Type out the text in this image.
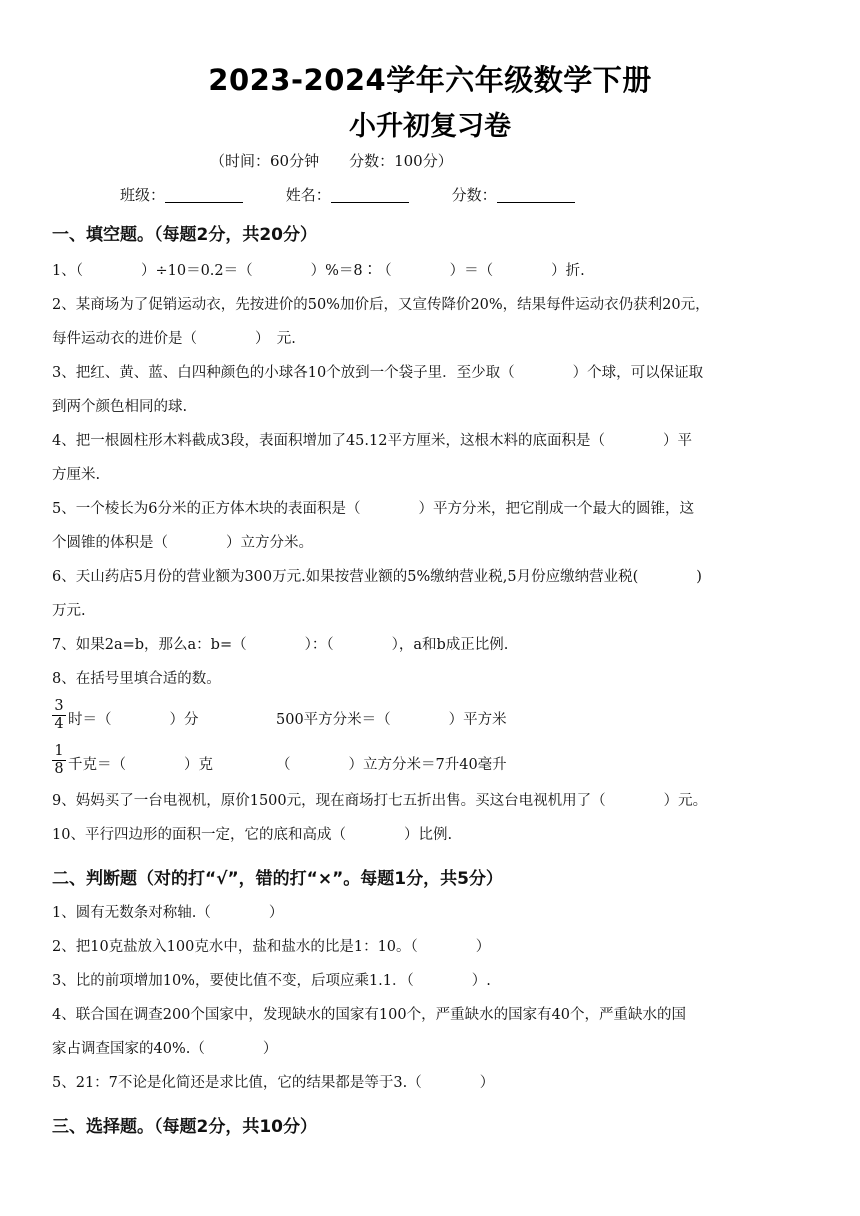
2023-2024学年六年级数学下册
小升初复习卷
（时间：60分钟　　分数：100分）
班级：	姓名：	分数：
一、填空题。（每题2分，共20分）
1、（　　　　）÷10＝0.2＝（　　　　）%＝8∶（　　　　）＝（　　　　）折.
2、某商场为了促销运动衣，先按进价的50%加价后，又宣传降价20%，结果每件运动衣仍获利20元，
每件运动衣的进价是（　　　　）　元.
3、把红、黄、蓝、白四种颜色的小球各10个放到一个袋子里．至少取（　　　　）个球，可以保证取
到两个颜色相同的球.
4、把一根圆柱形木料截成3段，表面积增加了45.12平方厘米，这根木料的底面积是（　　　　）平
方厘米.
5、一个棱长为6分米的正方体木块的表面积是（　　　　）平方分米，把它削成一个最大的圆锥，这
个圆锥的体积是（　　　　）立方分米。
6、天山药店5月份的营业额为300万元.如果按营业额的5%缴纳营业税,5月份应缴纳营业税(　　　　)
万元.
7、如果2a=b，那么a：b=（　　　　）：（　　　　），a和b成正比例.
8、在括号里填合适的数。
$\frac{3}{4}$ 时＝（　　　　）分	500平方分米＝（　　　　）平方米
$\frac{1}{8}$ 千克＝（　　　　）克	（　　　　）立方分米＝7升40毫升
9、妈妈买了一台电视机，原价1500元，现在商场打七五折出售。买这台电视机用了（　　　　）元。
10、平行四边形的面积一定，它的底和高成（　　　　）比例.
二、判断题（对的打“√”，错的打“×”。每题1分，共5分）
1、圆有无数条对称轴.（　　　　）
2、把10克盐放入100克水中，盐和盐水的比是1：10。（　　　　）
3、比的前项增加10%，要使比值不变，后项应乘1.1．（　　　　）.
4、联合国在调查200个国家中，发现缺水的国家有100个，严重缺水的国家有40个，严重缺水的国
家占调查国家的40%.（　　　　）
5、21：7不论是化简还是求比值，它的结果都是等于3.（　　　　）
三、选择题。（每题2分，共10分）
